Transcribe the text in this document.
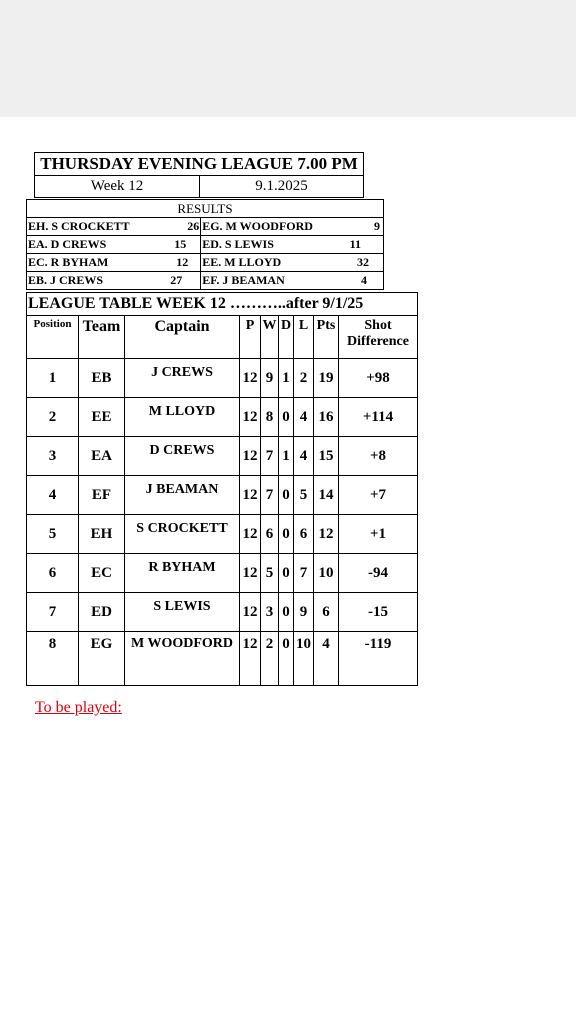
THURSDAY EVENING LEAGUE 7.00 PM
Week 12	9.1.2025
RESULTS			
EH. S CROCKETT	26	EG. M WOODFORD	9
EA. D CREWS	15	ED. S LEWIS	11
EC. R BYHAM	12	EE. M LLOYD	32
EB. J CREWS	27	EF. J BEAMAN	4
LEAGUE TABLE WEEK 12 ………..after 9/1/25								
Position	Team	Captain	P	W	D	L	Pts	Shot Difference
1	EB	J CREWS	12	9	1	2	19	+98
2	EE	M LLOYD	12	8	0	4	16	+114
3	EA	D CREWS	12	7	1	4	15	+8
4	EF	J BEAMAN	12	7	0	5	14	+7
5	EH	S CROCKETT	12	6	0	6	12	+1
6	EC	R BYHAM	12	5	0	7	10	-94
7	ED	S LEWIS	12	3	0	9	6	-15
8	EG	M WOODFORD	12	2	0	10	4	-119
To be played:
